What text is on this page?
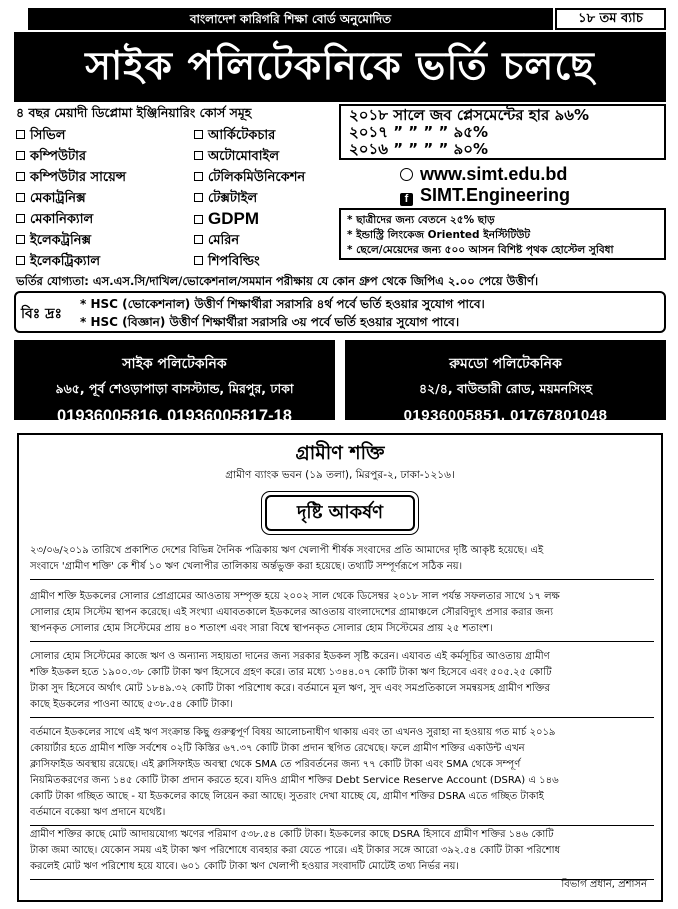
বাংলাদেশ কারিগরি শিক্ষা বোর্ড অনুমোদিত	১৮ তম ব্যাচ
সাইক পলিটেকনিকে ভর্তি চলছে
৪ বছর মেয়াদী ডিপ্লোমা ইঞ্জিনিয়ারিং কোর্স সমূহ	২০১৮ সালে জব প্লেসমেন্টের হার ৯৬%
২০১৭ ” ” ” ” ৯৫%
২০১৬ ” ” ” ” ৯০%
সিভিল
কম্পিউটার
কম্পিউটার সায়েন্স
মেকাট্রনিক্স
মেকানিক্যাল
ইলেকট্রনিক্স
ইলেকট্রিক্যাল
আর্কিটেকচার
অটোমোবাইল
টেলিকমিউনিকেশন
টেক্সটাইল
GDPM
মেরিন
শিপবিল্ডিং
www.simt.edu.bd
f SIMT.Engineering
* ছাত্রীদের জন্য বেতনে ২৫% ছাড়
* ইন্ডাস্ট্রি লিংকেজ Oriented ইনস্টিটিউট
* ছেলে/মেয়েদের জন্য ৫০০ আসন বিশিষ্ট পৃথক হোস্টেল সুবিধা
ভর্তির যোগ্যতা: এস.এস.সি/দাখিল/ভোকেশনাল/সমমান পরীক্ষায় যে কোন গ্রুপ থেকে জিপিএ ২.০০ পেয়ে উত্তীর্ণ।
বিঃ দ্রঃ
* HSC (ভোকেশনাল) উত্তীর্ণ শিক্ষার্থীরা সরাসরি ৪র্থ পর্বে ভর্তি হওয়ার সুযোগ পাবে।
* HSC (বিজ্ঞান) উত্তীর্ণ শিক্ষার্থীরা সরাসরি ৩য় পর্বে ভর্তি হওয়ার সুযোগ পাবে।
সাইক পলিটেকনিক
৯৬৫, পূর্ব শেওড়াপাড়া বাসস্ট্যান্ড, মিরপুর, ঢাকা
01936005816, 01936005817-18
রুমডো পলিটেকনিক
৪২/৪, বাউন্ডারী রোড, ময়মনসিংহ
01936005851, 01767801048
গ্রামীণ শক্তি
গ্রামীণ ব্যাংক ভবন (১৯ তলা), মিরপুর-২, ঢাকা-১২১৬।
দৃষ্টি আকর্ষণ

২৩/০৬/২০১৯ তারিখে প্রকাশিত দেশের বিভিন্ন দৈনিক পত্রিকায় ঋণ খেলাপী শীর্ষক সংবাদের প্রতি আমাদের দৃষ্টি আকৃষ্ট হয়েছে। এই

সংবাদে 'গ্রামীণ শক্তি' কে শীর্ষ ১০ ঋণ খেলাপীর তালিকায় অর্ন্তভুক্ত করা হয়েছে। তথ্যটি সম্পূর্ণরূপে সঠিক নয়।

গ্রামীণ শক্তি ইডকলের সোলার প্রোগ্রামের আওতায় সম্পৃক্ত হয়ে ২০০২ সাল থেকে ডিসেম্বর ২০১৮ সাল পর্যন্ত সফলতার সাথে ১৭ লক্ষ

সোলার হোম সিস্টেম স্থাপন করেছে। এই সংখ্যা এযাবতকালে ইডকলের আওতায় বাংলাদেশের গ্রামাঞ্চলে সৌরবিদ্যুৎ প্রসার করার জন্য

স্থাপনকৃত সোলার হোম সিস্টেমের প্রায় ৪০ শতাংশ এবং সারা বিশ্বে স্থাপনকৃত সোলার হোম সিস্টেমের প্রায় ২৫ শতাংশ।

সোলার হোম সিস্টেমের কাজে ঋণ ও অন্যান্য সহায়তা দানের জন্য সরকার ইডকল সৃষ্টি করেন। এযাবত এই কর্মসূচির আওতায় গ্রামীণ

শক্তি ইডকল হতে ১৯০০.৩৮ কোটি টাকা ঋণ হিসেবে গ্রহণ করে। তার মধ্যে ১৩৪৪.০৭ কোটি টাকা ঋণ হিসেবে এবং ৫০৫.২৫ কোটি

টাকা সুদ হিসেবে অর্থাৎ মোট ১৮৪৯.৩২ কোটি টাকা পরিশোধ করে। বর্তমানে মূল ঋণ, সুদ এবং সমপ্রতিকালে সমন্বয়সহ গ্রামীণ শক্তির

কাছে ইডকলের পাওনা আছে ৫৩৮.৫৪ কোটি টাকা।

বর্তমানে ইডকলের সাথে এই ঋণ সংক্রান্ত কিছু গুরুত্বপূর্ণ বিষয় আলোচনাধীণ থাকায় এবং তা এখনও সুরাহা না হওয়ায় গত মার্চ ২০১৯

কোয়ার্টার হতে গ্রামীণ শক্তি সর্বশেষ ০২টি কিস্তির ৬৭.৩৭ কোটি টাকা প্রদান স্থগিত রেখেছে। ফলে গ্রামীণ শক্তির একাউন্ট এখন

ক্লাসিফাইড অবস্থায় রয়েছে। এই ক্লাসিফাইড অবস্থা থেকে SMA তে পরিবর্তনের জন্য ৭৭ কোটি টাকা এবং SMA থেকে সম্পূর্ণ

নিয়মিতকরণের জন্য ১৪৫ কোটি টাকা প্রদান করতে হবে। যদিও গ্রামীণ শক্তির Debt Service Reserve Account (DSRA) এ ১৪৬

কোটি টাকা গচ্ছিত আছে - যা ইডকলের কাছে লিয়েন করা আছে। সুতরাং দেখা যাচ্ছে যে, গ্রামীণ শক্তির DSRA এতে গচ্ছিত টাকাই

বর্তমানে বকেয়া ঋণ প্রদানে যথেষ্ট।

গ্রামীণ শক্তির কাছে মোট আদায়যোগ্য ঋণের পরিমাণ ৫৩৮.৫৪ কোটি টাকা। ইডকলের কাছে DSRA হিসাবে গ্রামীণ শক্তির ১৪৬ কোটি

টাকা জমা আছে। যেকোন সময় এই টাকা ঋণ পরিশোধে ব্যবহার করা যেতে পারে। এই টাকার সঙ্গে আরো ৩৯২.৫৪ কোটি টাকা পরিশোধ

করলেই মোট ঋণ পরিশোধ হয়ে যাবে। ৬০১ কোটি টাকা ঋণ খেলাপী হওয়ার সংবাদটি মোটেই তথ্য নির্ভর নয়।

বিভাগ প্রধান, প্রশাসন
